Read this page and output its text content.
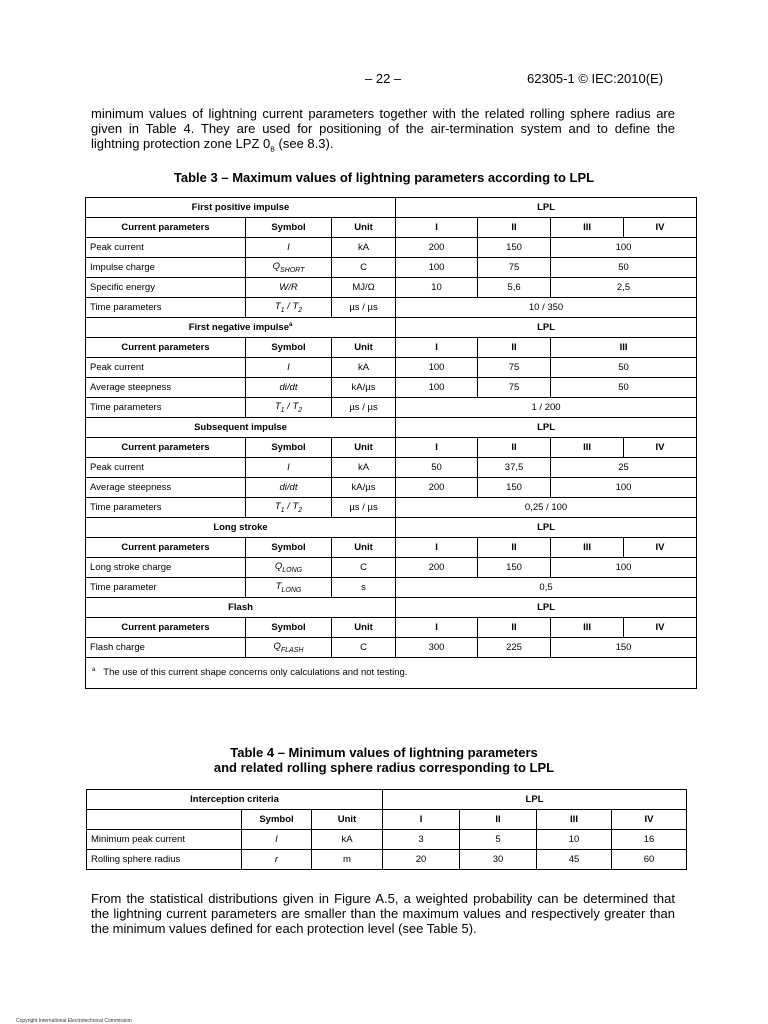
– 22 –	62305-1 © IEC:2010(E)
minimum values of lightning current parameters together with the related rolling sphere radius are given in Table 4. They are used for positioning of the air-termination system and to define the lightning protection zone LPZ $0_B$ (see 8.3).
Table 3 – Maximum values of lightning parameters according to LPL
First positive impulse			LPL			
Current parameters	Symbol	Unit	I	II	III	IV
Peak current	I	kA	200	150	100	
Impulse charge	$Q_{SHORT}$	C	100	75	50	
Specific energy	W/R	MJ/Ω	10	5,6	2,5	
Time parameters	$T_1 / T_2$	µs / µs	10 / 350			
First negative impulse$^a$			LPL			
Current parameters	Symbol	Unit	I	II	III	
Peak current	I	kA	100	75	50	
Average steepness	di/dt	kA/µs	100	75	50	
Time parameters	$T_1 / T_2$	µs / µs	1 / 200			
Subsequent impulse			LPL			
Current parameters	Symbol	Unit	I	II	III	IV
Peak current	I	kA	50	37,5	25	
Average steepness	di/dt	kA/µs	200	150	100	
Time parameters	$T_1 / T_2$	µs / µs	0,25 / 100			
Long stroke			LPL			
Current parameters	Symbol	Unit	I	II	III	IV
Long stroke charge	$Q_{LONG}$	C	200	150	100	
Time parameter	$T_{LONG}$	s	0,5			
Flash			LPL			
Current parameters	Symbol	Unit	I	II	III	IV
Flash charge	$Q_{FLASH}$	C	300	225	150	
$^a$ The use of this current shape concerns only calculations and not testing.						
Table 4 – Minimum values of lightning parameters
and related rolling sphere radius corresponding to LPL
Interception criteria			LPL			
	Symbol	Unit	I	II	III	IV
Minimum peak current	I	kA	3	5	10	16
Rolling sphere radius	r	m	20	30	45	60
From the statistical distributions given in Figure A.5, a weighted probability can be determined that the lightning current parameters are smaller than the maximum values and respectively greater than the minimum values defined for each protection level (see Table 5).
Copyright International Electrotechnical Commission
